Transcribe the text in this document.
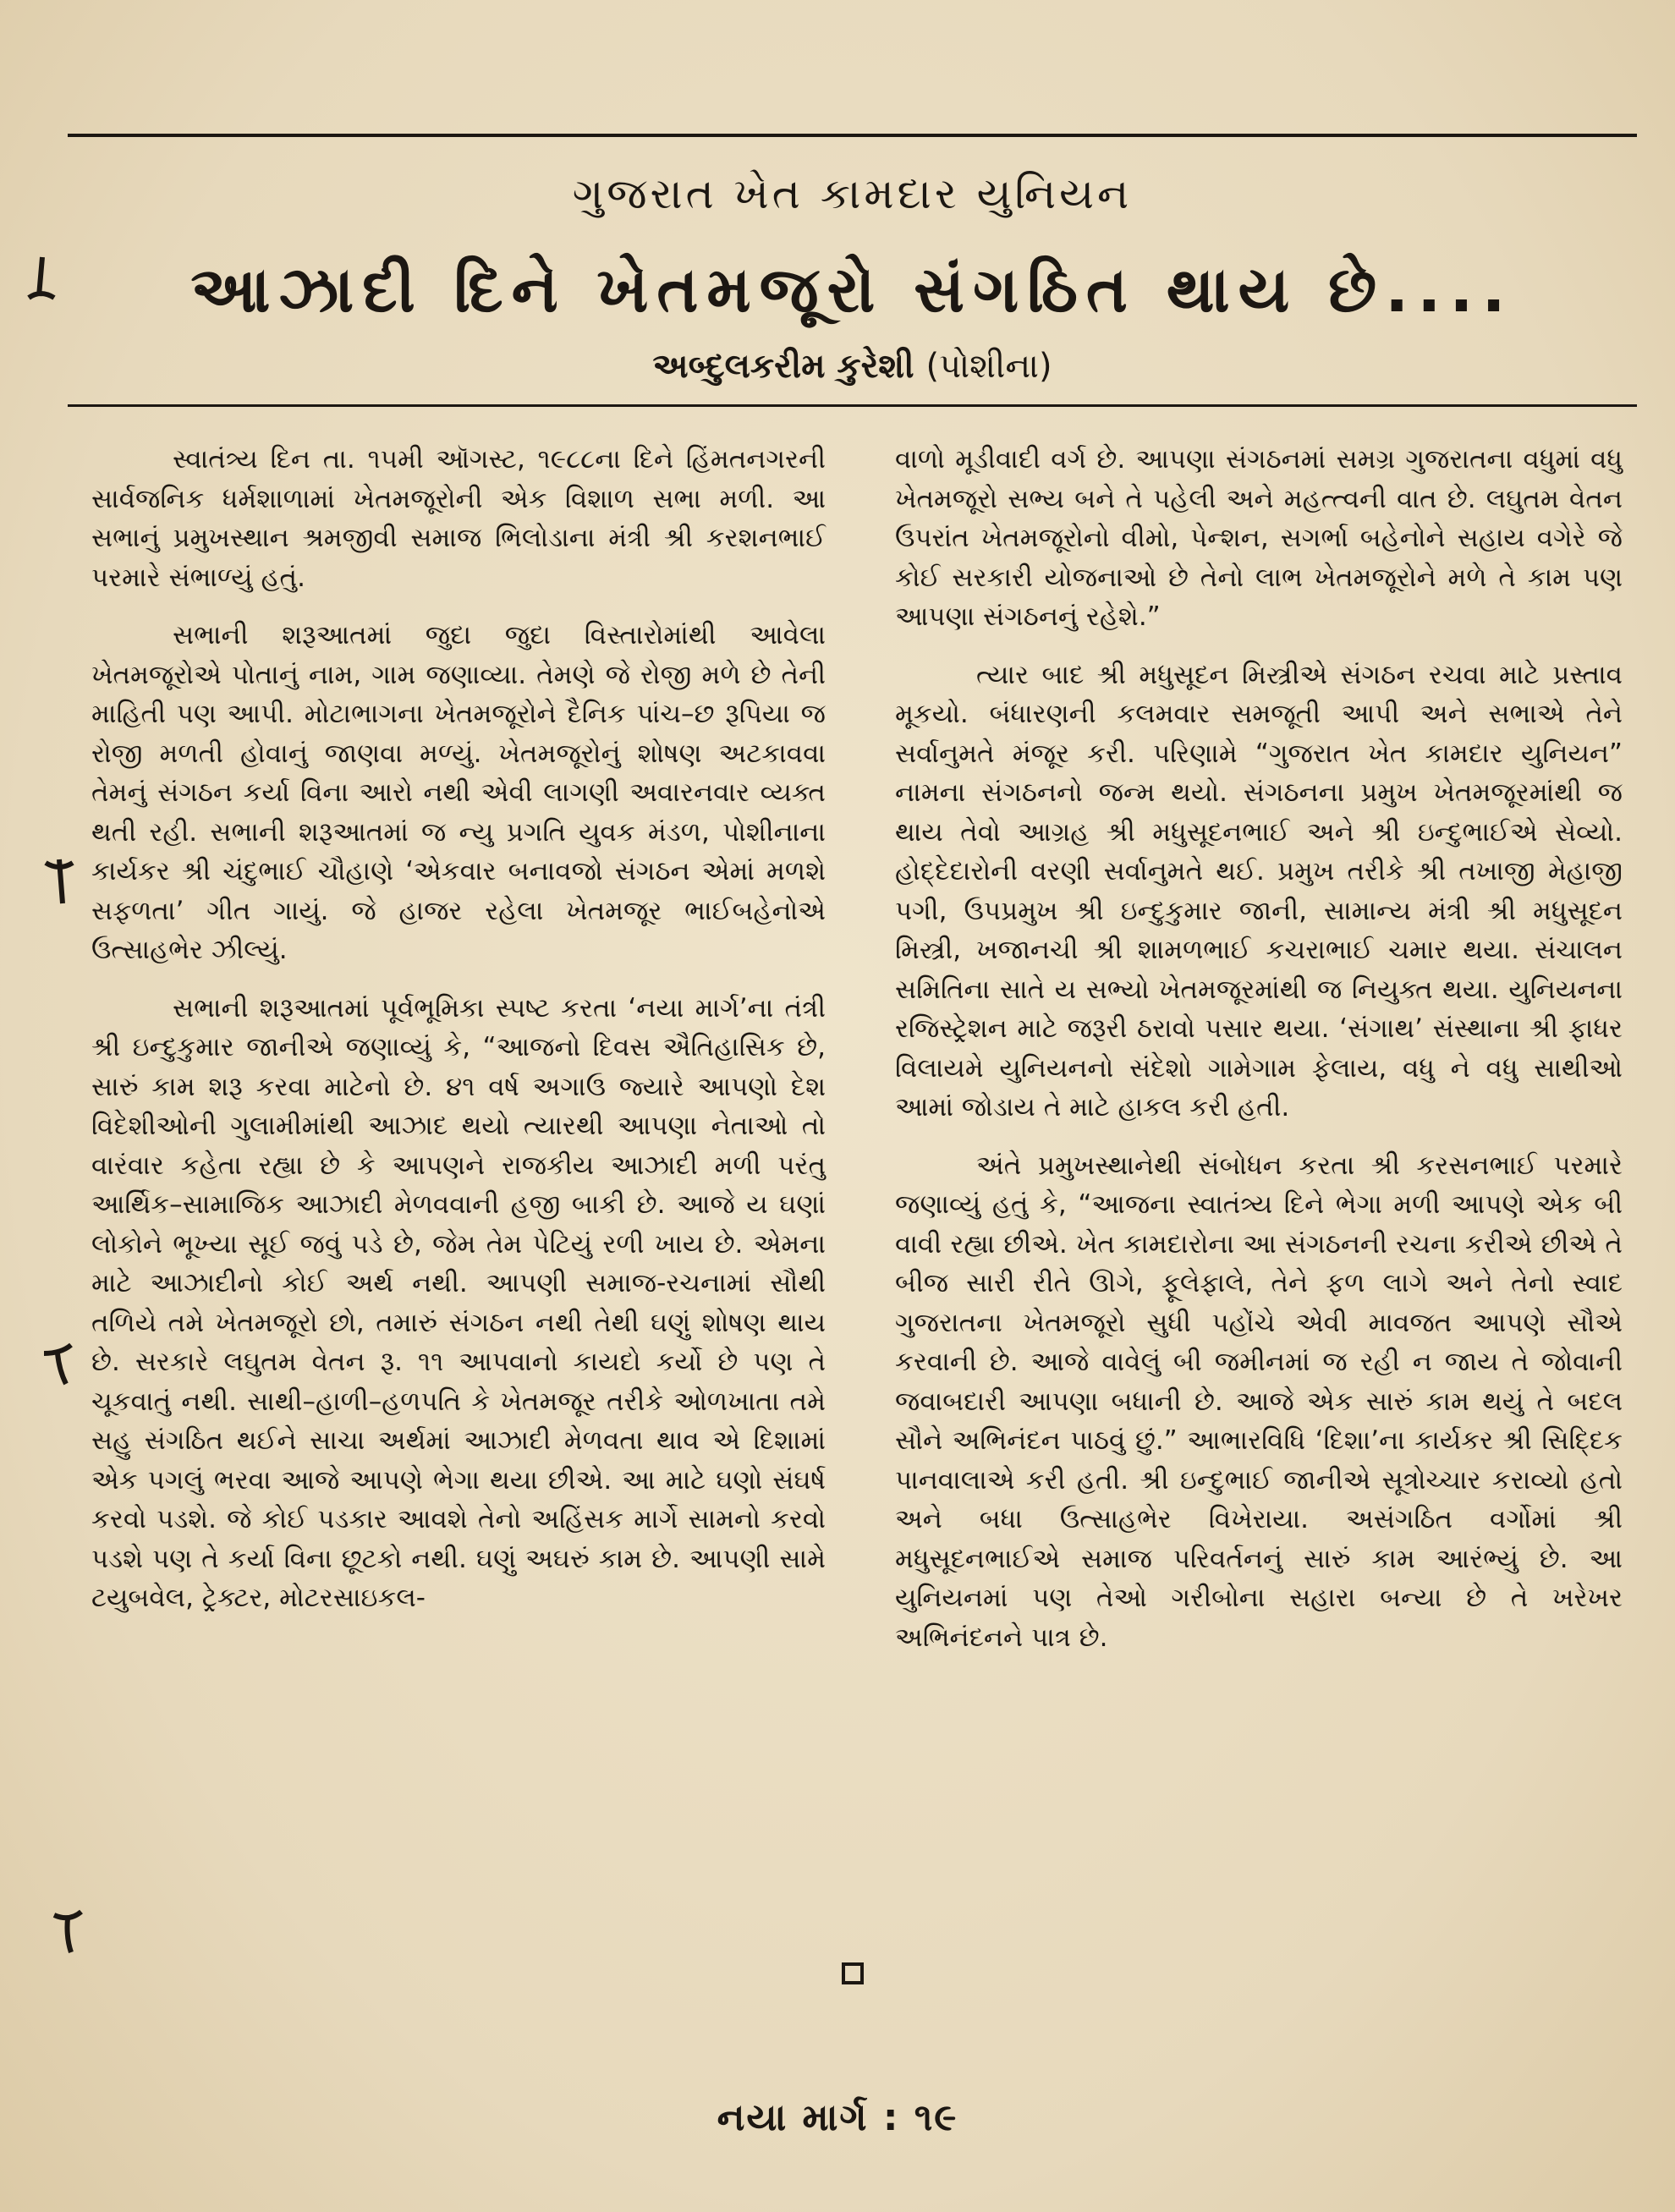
ગુજરાત ખેત કામદાર યુનિયન
આઝાદી દિને ખેતમજૂરો સંગઠિત થાય છે....
અબ્દુલકરીમ કુરેશી (પોશીના)

સ્વાતંત્ર્ય દિન તા. ૧૫મી ઑગસ્ટ, ૧૯૮૮ના દિને હિંમતનગરની સાર્વજનિક ધર્મશાળામાં ખેતમજૂરોની એક વિશાળ સભા મળી. આ સભાનું પ્રમુખસ્થાન શ્રમજીવી સમાજ ભિલોડાના મંત્રી શ્રી કરશનભાઈ પરમારે સંભાળ્યું હતું.

સભાની શરૂઆતમાં જુદા જુદા વિસ્તારોમાંથી આવેલા ખેતમજૂરોએ પોતાનું નામ, ગામ જણાવ્યા. તેમણે જે રોજી મળે છે તેની માહિતી પણ આપી. મોટાભાગના ખેતમજૂરોને દૈનિક પાંચ–છ રૂપિયા જ રોજી મળતી હોવાનું જાણવા મળ્યું. ખેતમજૂરોનું શોષણ અટકાવવા તેમનું સંગઠન કર્યા વિના આરો નથી એવી લાગણી અવારનવાર વ્યક્ત થતી રહી. સભાની શરૂઆતમાં જ ન્યુ પ્રગતિ યુવક મંડળ, પોશીનાના કાર્યકર શ્રી ચંદુભાઈ ચૌહાણે ‘એકવાર બનાવજો સંગઠન એમાં મળશે સફળતા’ ગીત ગાયું. જે હાજર રહેલા ખેતમજૂર ભાઈબહેનોએ ઉત્સાહભેર ઝીલ્યું.

સભાની શરૂઆતમાં પૂર્વભૂમિકા સ્પષ્ટ કરતા ‘નયા માર્ગ’ના તંત્રી શ્રી ઇન્દુકુમાર જાનીએ જણાવ્યું કે, “આજનો દિવસ ઐતિહાસિક છે, સારું કામ શરૂ કરવા માટેનો છે. ૪૧ વર્ષ અગાઉ જ્યારે આપણો દેશ વિદેશીઓની ગુલામીમાંથી આઝાદ થયો ત્યારથી આપણા નેતાઓ તો વારંવાર કહેતા રહ્યા છે કે આપણને રાજકીય આઝાદી મળી પરંતુ આર્થિક–સામાજિક આઝાદી મેળવવાની હજી બાકી છે. આજે ય ઘણાં લોકોને ભૂખ્યા સૂઈ જવું પડે છે, જેમ તેમ પેટિયું રળી ખાય છે. એમના માટે આઝાદીનો કોઈ અર્થ નથી. આપણી સમાજ-રચનામાં સૌથી તળિયે તમે ખેતમજૂરો છો, તમારું સંગઠન નથી તેથી ઘણું શોષણ થાય છે. સરકારે લઘુતમ વેતન રૂ. ૧૧ આપવાનો કાયદો કર્યો છે પણ તે ચૂકવાતું નથી. સાથી–હાળી–હળપતિ કે ખેતમજૂર તરીકે ઓળખાતા તમે સહુ સંગઠિત થઈને સાચા અર્થમાં આઝાદી મેળવતા થાવ એ દિશામાં એક પગલું ભરવા આજે આપણે ભેગા થયા છીએ. આ માટે ઘણો સંઘર્ષ કરવો પડશે. જે કોઈ પડકાર આવશે તેનો અહિંસક માર્ગે સામનો કરવો પડશે પણ તે કર્યા વિના છૂટકો નથી. ઘણું અઘરું કામ છે. આપણી સામે ટયુબવેલ, ટ્રેક્ટર, મોટરસાઇકલ-

વાળો મૂડીવાદી વર્ગ છે. આપણા સંગઠનમાં સમગ્ર ગુજરાતના વધુમાં વધુ ખેતમજૂરો સભ્ય બને તે પહેલી અને મહત્ત્વની વાત છે. લઘુતમ વેતન ઉપરાંત ખેતમજૂરોનો વીમો, પેન્શન, સગર્ભા બહેનોને સહાય વગેરે જે કોઈ સરકારી યોજનાઓ છે તેનો લાભ ખેતમજૂરોને મળે તે કામ પણ આપણા સંગઠનનું રહેશે.”

ત્યાર બાદ શ્રી મધુસૂદન મિસ્ત્રીએ સંગઠન રચવા માટે પ્રસ્તાવ મૂકયો. બંધારણની કલમવાર સમજૂતી આપી અને સભાએ તેને સર્વાનુમતે મંજૂર કરી. પરિણામે “ગુજરાત ખેત કામદાર યુનિયન” નામના સંગઠનનો જન્મ થયો. સંગઠનના પ્રમુખ ખેતમજૂરમાંથી જ થાય તેવો આગ્રહ શ્રી મધુસૂદનભાઈ અને શ્રી ઇન્દુભાઈએ સેવ્યો. હોદ્દેદારોની વરણી સર્વાનુમતે થઈ. પ્રમુખ તરીકે શ્રી તખાજી મેહાજી પગી, ઉપપ્રમુખ શ્રી ઇન્દુકુમાર જાની, સામાન્ય મંત્રી શ્રી મધુસૂદન મિસ્ત્રી, ખજાનચી શ્રી શામળભાઈ કચરાભાઈ ચમાર થયા. સંચાલન સમિતિના સાતે ય સભ્યો ખેતમજૂરમાંથી જ નિયુક્ત થયા. યુનિયનના રજિસ્ટ્રેશન માટે જરૂરી ઠરાવો પસાર થયા. ‘સંગાથ’ સંસ્થાના શ્રી ફાધર વિલાયમે યુનિયનનો સંદેશો ગામેગામ ફેલાય, વધુ ને વધુ સાથીઓ આમાં જોડાય તે માટે હાકલ કરી હતી.

અંતે પ્રમુખસ્થાનેથી સંબોધન કરતા શ્રી કરસનભાઈ પરમારે જણાવ્યું હતું કે, “આજના સ્વાતંત્ર્ય દિને ભેગા મળી આપણે એક બી વાવી રહ્યા છીએ. ખેત કામદારોના આ સંગઠનની રચના કરીએ છીએ તે બીજ સારી રીતે ઊગે, ફૂલેફાલે, તેને ફળ લાગે અને તેનો સ્વાદ ગુજરાતના ખેતમજૂરો સુધી પહોંચે એવી માવજત આપણે સૌએ કરવાની છે. આજે વાવેલું બી જમીનમાં જ રહી ન જાય તે જોવાની જવાબદારી આપણા બધાની છે. આજે એક સારું કામ થયું તે બદલ સૌને અભિનંદન પાઠવું છું.” આભારવિધિ ‘દિશા’ના કાર્યકર શ્રી સિદ્દિક પાનવાલાએ કરી હતી. શ્રી ઇન્દુભાઈ જાનીએ સૂત્રોચ્ચાર કરાવ્યો હતો અને બધા ઉત્સાહભેર વિખેરાયા. અસંગઠિત વર્ગોમાં શ્રી મધુસૂદનભાઈએ સમાજ પરિવર્તનનું સારું કામ આરંભ્યું છે. આ યુનિયનમાં પણ તેઓ ગરીબોના સહારા બન્યા છે તે ખરેખર અભિનંદનને પાત્ર છે.

નયા માર્ગ : ૧૯
